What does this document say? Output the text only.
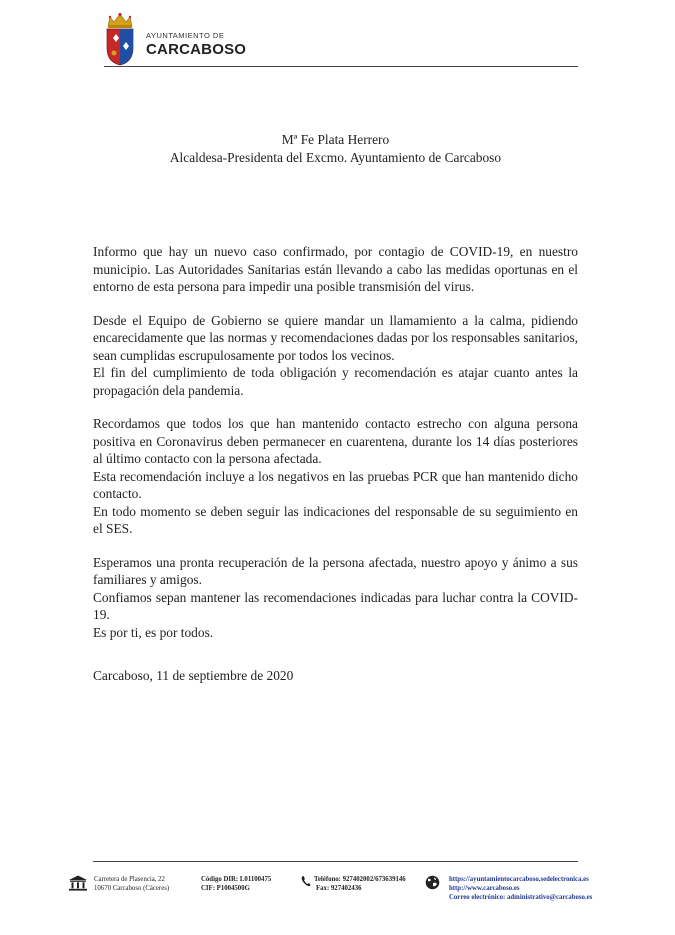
AYUNTAMIENTO DE
CARCABOSO
Mª Fe Plata Herrero
Alcaldesa-Presidenta del Excmo. Ayuntamiento de Carcaboso

Informo que hay un nuevo caso confirmado, por contagio de COVID-19, en nuestro municipio. Las Autoridades Sanitarias están llevando a cabo las medidas oportunas en el entorno de esta persona para impedir una posible transmisión del virus.

Desde el Equipo de Gobierno se quiere mandar un llamamiento a la calma, pidiendo encarecidamente que las normas y recomendaciones dadas por los responsables sanitarios, sean cumplidas escrupulosamente por todos los vecinos.
El fin del cumplimiento de toda obligación y recomendación es atajar cuanto antes la propagación dela pandemia.

Recordamos que todos los que han mantenido contacto estrecho con alguna persona positiva en Coronavirus deben permanecer en cuarentena, durante los 14 días posteriores al último contacto con la persona afectada.
Esta recomendación incluye a los negativos en las pruebas PCR que han mantenido dicho contacto.
En todo momento se deben seguir las indicaciones del responsable de su seguimiento en el SES.

Esperamos una pronta recuperación de la persona afectada, nuestro apoyo y ánimo a sus familiares y amigos.
Confiamos sepan mantener las recomendaciones indicadas para luchar contra la COVID-19.
Es por ti, es por todos.

Carcaboso, 11 de septiembre de 2020
Carretera de Plasencia, 22
10670 Carcaboso (Cáceres)
Código DIR: L01100475
CIF: P1004500G
Teléfono: 927402002/673639146
Fax: 927402436
https://ayuntamientocarcaboso.sedelectronica.es
http://www.carcaboso.es
Correo electrónico: administrativo@carcaboso.es
